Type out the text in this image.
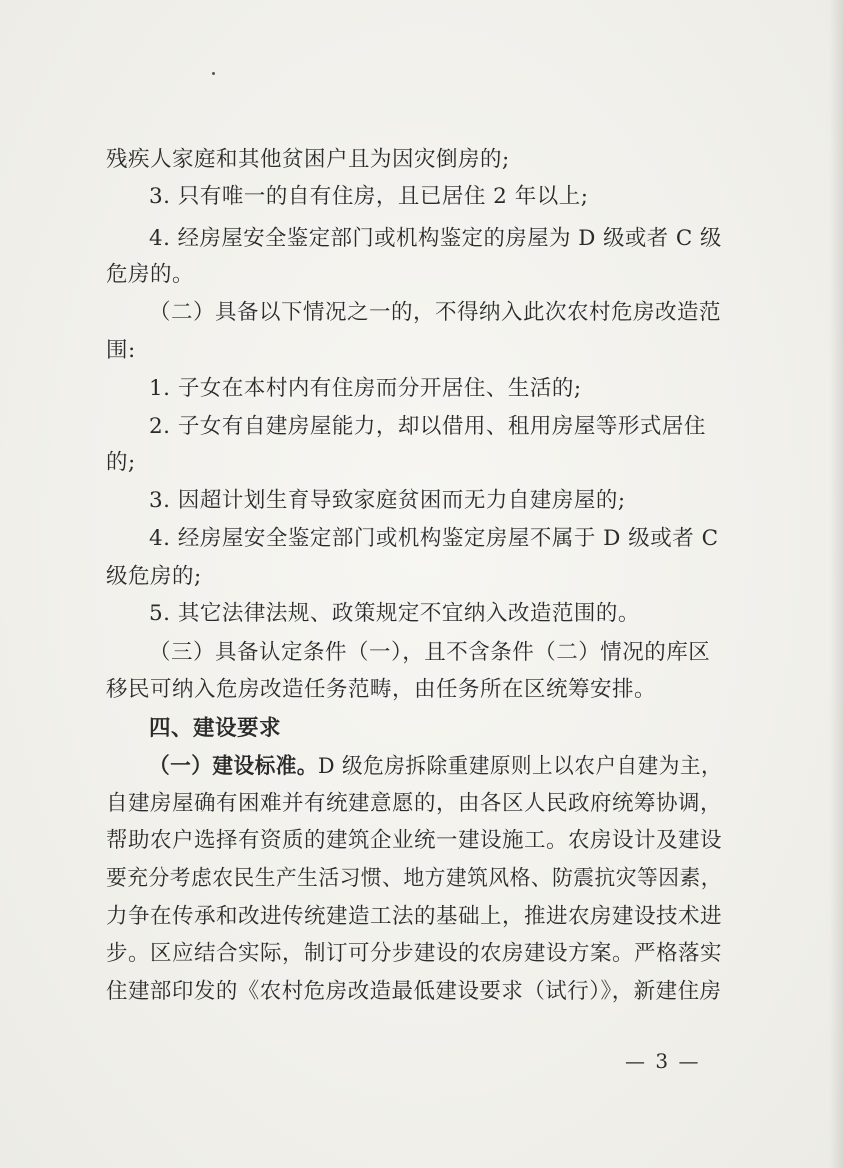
残疾人家庭和其他贫困户且为因灾倒房的;
3. 只有唯一的自有住房，且已居住 2 年以上;
4. 经房屋安全鉴定部门或机构鉴定的房屋为 D 级或者 C 级
危房的。
（二）具备以下情况之一的，不得纳入此次农村危房改造范
围:
1. 子女在本村内有住房而分开居住、生活的;
2. 子女有自建房屋能力，却以借用、租用房屋等形式居住
的;
3. 因超计划生育导致家庭贫困而无力自建房屋的;
4. 经房屋安全鉴定部门或机构鉴定房屋不属于 D 级或者 C
级危房的;
5. 其它法律法规、政策规定不宜纳入改造范围的。
（三）具备认定条件（一），且不含条件（二）情况的库区
移民可纳入危房改造任务范畴，由任务所在区统筹安排。
四、建设要求
（一）建设标准。D 级危房拆除重建原则上以农户自建为主，
自建房屋确有困难并有统建意愿的，由各区人民政府统筹协调，
帮助农户选择有资质的建筑企业统一建设施工。农房设计及建设
要充分考虑农民生产生活习惯、地方建筑风格、防震抗灾等因素，
力争在传承和改进传统建造工法的基础上，推进农房建设技术进
步。区应结合实际，制订可分步建设的农房建设方案。严格落实
住建部印发的《农村危房改造最低建设要求（试行）》，新建住房
— 3 —
